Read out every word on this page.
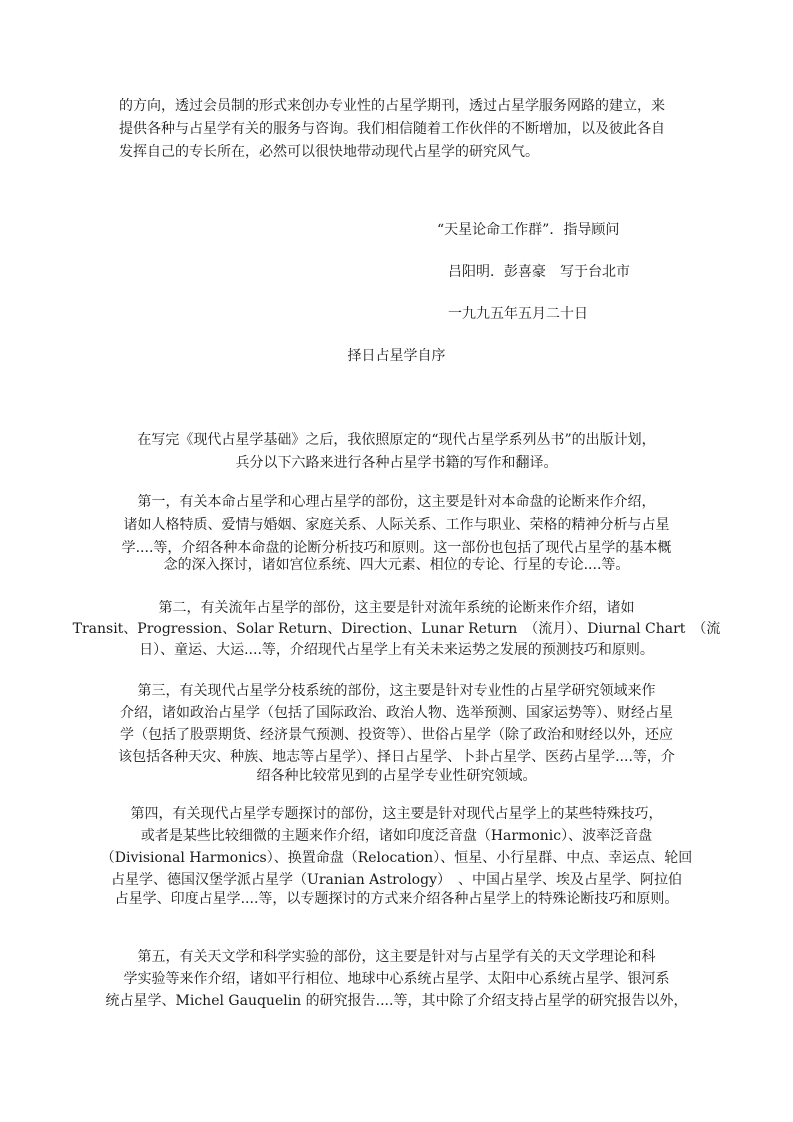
的方向，透过会员制的形式来创办专业性的占星学期刊，透过占星学服务网路的建立，来
提供各种与占星学有关的服务与咨询。我们相信随着工作伙伴的不断增加，以及彼此各自
发挥自己的专长所在，必然可以很快地带动现代占星学的研究风气。
“天星论命工作群”．指导顾问
吕阳明．彭喜豪　写于台北市
一九九五年五月二十日
择日占星学自序
在写完《现代占星学基础》之后，我依照原定的“现代占星学系列丛书”的出版计划，
兵分以下六路来进行各种占星学书籍的写作和翻译。
第一，有关本命占星学和心理占星学的部份，这主要是针对本命盘的论断来作介绍，
诸如人格特质、爱情与婚姻、家庭关系、人际关系、工作与职业、荣格的精神分析与占星
学....等，介绍各种本命盘的论断分析技巧和原则。这一部份也包括了现代占星学的基本概
念的深入探讨，诸如宫位系统、四大元素、相位的专论、行星的专论....等。
第二，有关流年占星学的部份，这主要是针对流年系统的论断来作介绍，诸如
Transit、Progression、Solar Return、Direction、Lunar Return　（流月）、Diurnal Chart　（流
日）、童运、大运....等，介绍现代占星学上有关未来运势之发展的预测技巧和原则。
第三，有关现代占星学分枝系统的部份，这主要是针对专业性的占星学研究领域来作
介绍，诸如政治占星学（包括了国际政治、政治人物、选举预测、国家运势等）、财经占星
学（包括了股票期货、经济景气预测、投资等）、世俗占星学（除了政治和财经以外，还应
该包括各种天灾、种族、地志等占星学）、择日占星学、卜卦占星学、医药占星学....等，介
绍各种比较常见到的占星学专业性研究领域。
第四，有关现代占星学专题探讨的部份，这主要是针对现代占星学上的某些特殊技巧，
或者是某些比较细微的主题来作介绍，诸如印度泛音盘（Harmonic）、波率泛音盘
（Divisional Harmonics）、换置命盘（Relocation）、恒星、小行星群、中点、幸运点、轮回
占星学、德国汉堡学派占星学（Uranian Astrology）　、中国占星学、埃及占星学、阿拉伯
占星学、印度占星学....等，以专题探讨的方式来介绍各种占星学上的特殊论断技巧和原则。
第五，有关天文学和科学实验的部份，这主要是针对与占星学有关的天文学理论和科
学实验等来作介绍，诸如平行相位、地球中心系统占星学、太阳中心系统占星学、银河系
统占星学、Michel Gauquelin 的研究报告....等，其中除了介绍支持占星学的研究报告以外，
